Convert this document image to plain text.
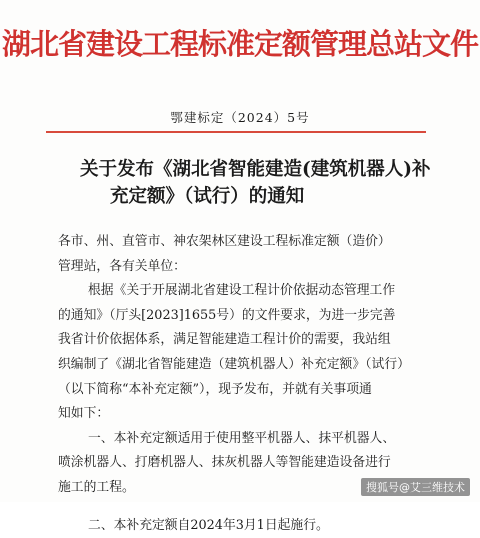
湖北省建设工程标准定额管理总站文件
鄂建标定（2024）5号
关于发布《湖北省智能建造(建筑机器人)补
充定额》（试行）的通知

各市、州、直管市、神农架林区建设工程标准定额（造价）

管理站，各有关单位：

根据《关于开展湖北省建设工程计价依据动态管理工作

的通知》（厅头[2023]1655号）的文件要求，为进一步完善

我省计价依据体系，满足智能建造工程计价的需要，我站组

织编制了《湖北省智能建造（建筑机器人）补充定额》（试行）

（以下简称“本补充定额”），现予发布，并就有关事项通

知如下：

一、本补充定额适用于使用整平机器人、抹平机器人、

喷涂机器人、打磨机器人、抹灰机器人等智能建造设备进行

施工的工程。

二、本补充定额自2024年3月1日起施行。

搜狐号@艾三维技术
